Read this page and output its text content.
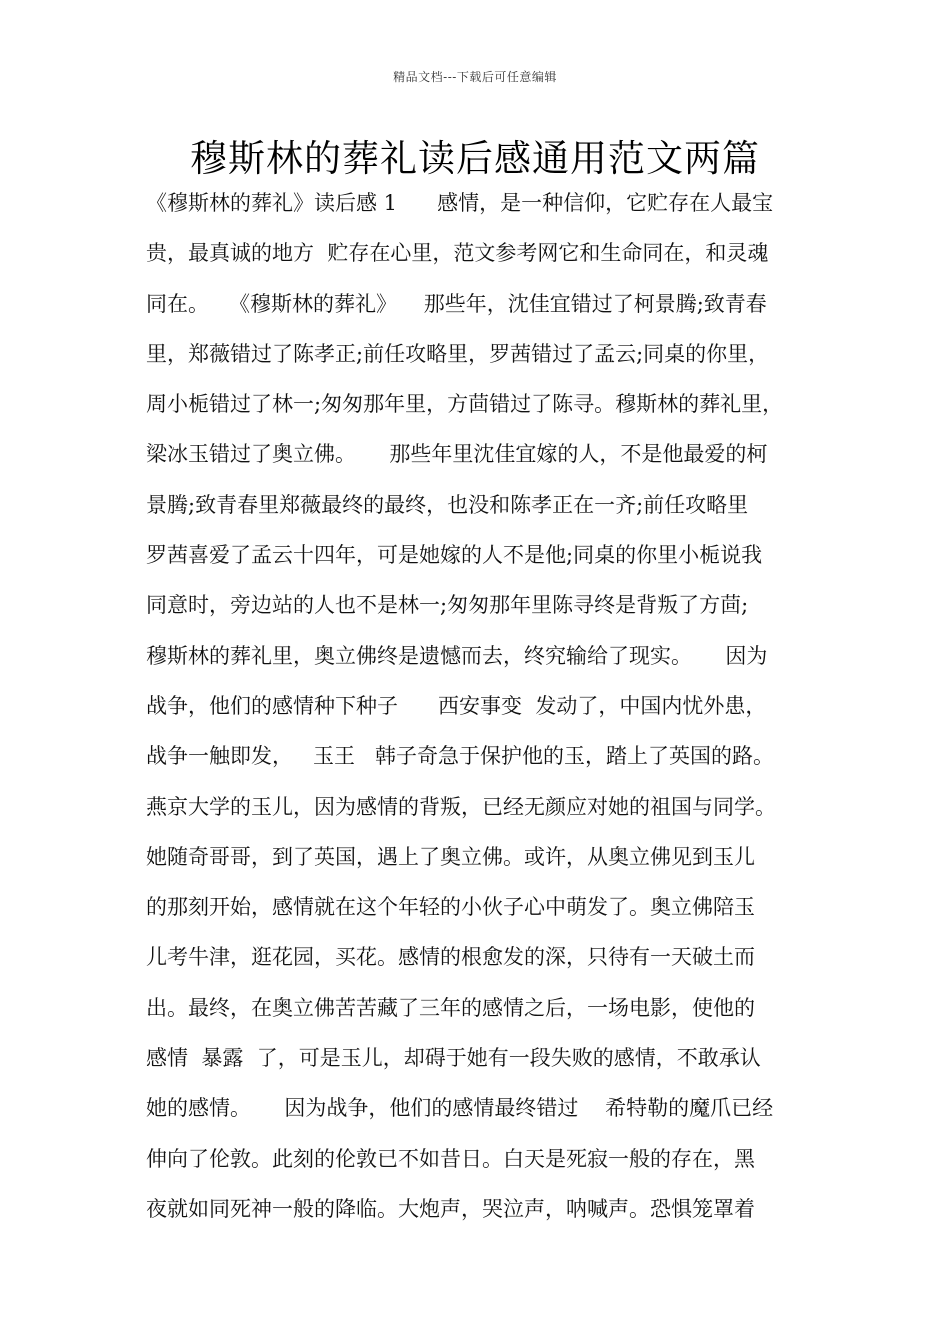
精品文档---下载后可任意编辑
穆斯林的葬礼读后感通用范文两篇
《穆斯林的葬礼》读后感 1      感情，是一种信仰，它贮存在人最宝
贵，最真诚的地方  贮存在心里，范文参考网它和生命同在，和灵魂
同在。   《穆斯林的葬礼》    那些年，沈佳宜错过了柯景腾;致青春
里，郑薇错过了陈孝正;前任攻略里，罗茜错过了孟云;同桌的你里，
周小栀错过了林一;匆匆那年里，方茴错过了陈寻。穆斯林的葬礼里，
梁冰玉错过了奥立佛。     那些年里沈佳宜嫁的人，不是他最爱的柯
景腾;致青春里郑薇最终的最终，也没和陈孝正在一齐;前任攻略里
罗茜喜爱了孟云十四年，可是她嫁的人不是他;同桌的你里小栀说我
同意时，旁边站的人也不是林一;匆匆那年里陈寻终是背叛了方茴;
穆斯林的葬礼里，奥立佛终是遗憾而去，终究输给了现实。     因为
战争，他们的感情种下种子      西安事变  发动了，中国内忧外患，
战争一触即发，   玉王   韩子奇急于保护他的玉，踏上了英国的路。
燕京大学的玉儿，因为感情的背叛，已经无颜应对她的祖国与同学。
她随奇哥哥，到了英国，遇上了奥立佛。或许，从奥立佛见到玉儿
的那刻开始，感情就在这个年轻的小伙子心中萌发了。奥立佛陪玉
儿考牛津，逛花园，买花。感情的根愈发的深，只待有一天破土而
出。最终，在奥立佛苦苦藏了三年的感情之后，一场电影，使他的
感情  暴露  了，可是玉儿，却碍于她有一段失败的感情，不敢承认
她的感情。     因为战争，他们的感情最终错过    希特勒的魔爪已经
伸向了伦敦。此刻的伦敦已不如昔日。白天是死寂一般的存在，黑
夜就如同死神一般的降临。大炮声，哭泣声，呐喊声。恐惧笼罩着
